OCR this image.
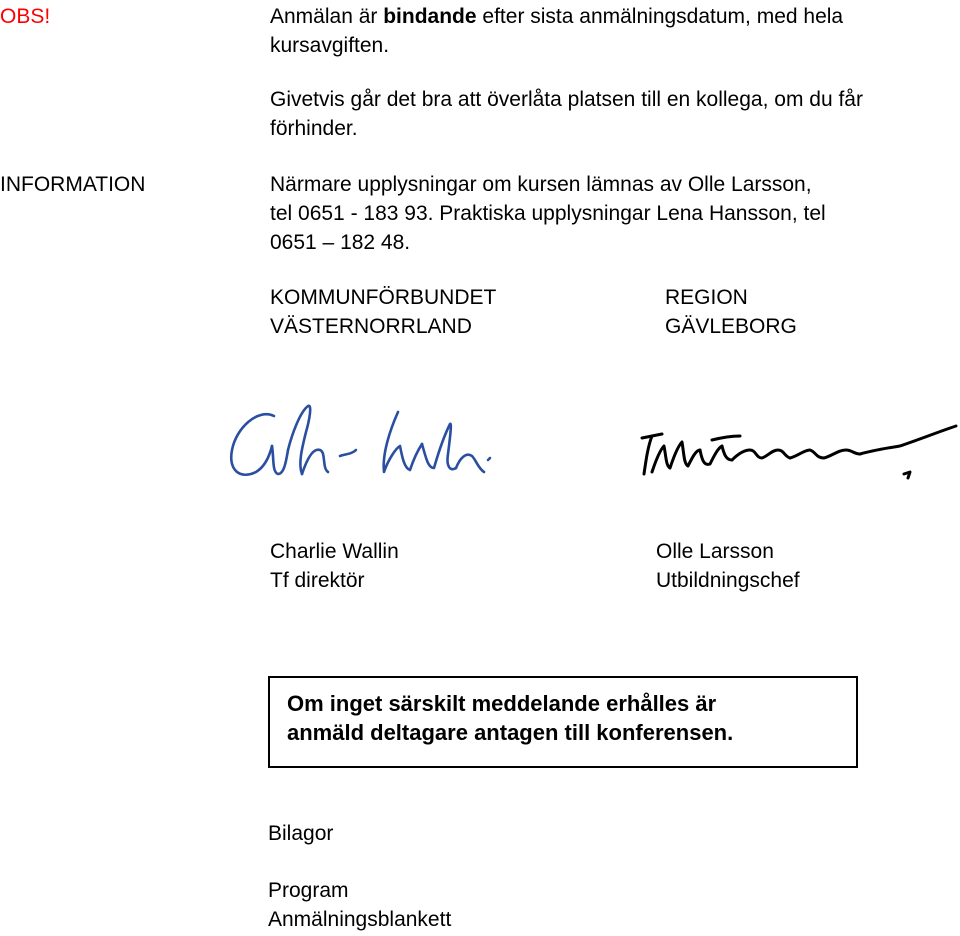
OBS!	Anmälan är bindande efter sista anmälningsdatum, med hela kursavgiften.
Givetvis går det bra att överlåta platsen till en kollega, om du får förhinder.
INFORMATION	Närmare upplysningar om kursen lämnas av Olle Larsson,
tel 0651 - 183 93. Praktiska upplysningar Lena Hansson, tel
0651 – 182 48.
KOMMUNFÖRBUNDET
VÄSTERNORRLAND
REGION
GÄVLEBORG
Charlie Wallin
Tf direktör
Olle Larsson
Utbildningschef
Om inget särskilt meddelande erhålles är
anmäld deltagare antagen till konferensen.
Bilagor
Program
Anmälningsblankett
